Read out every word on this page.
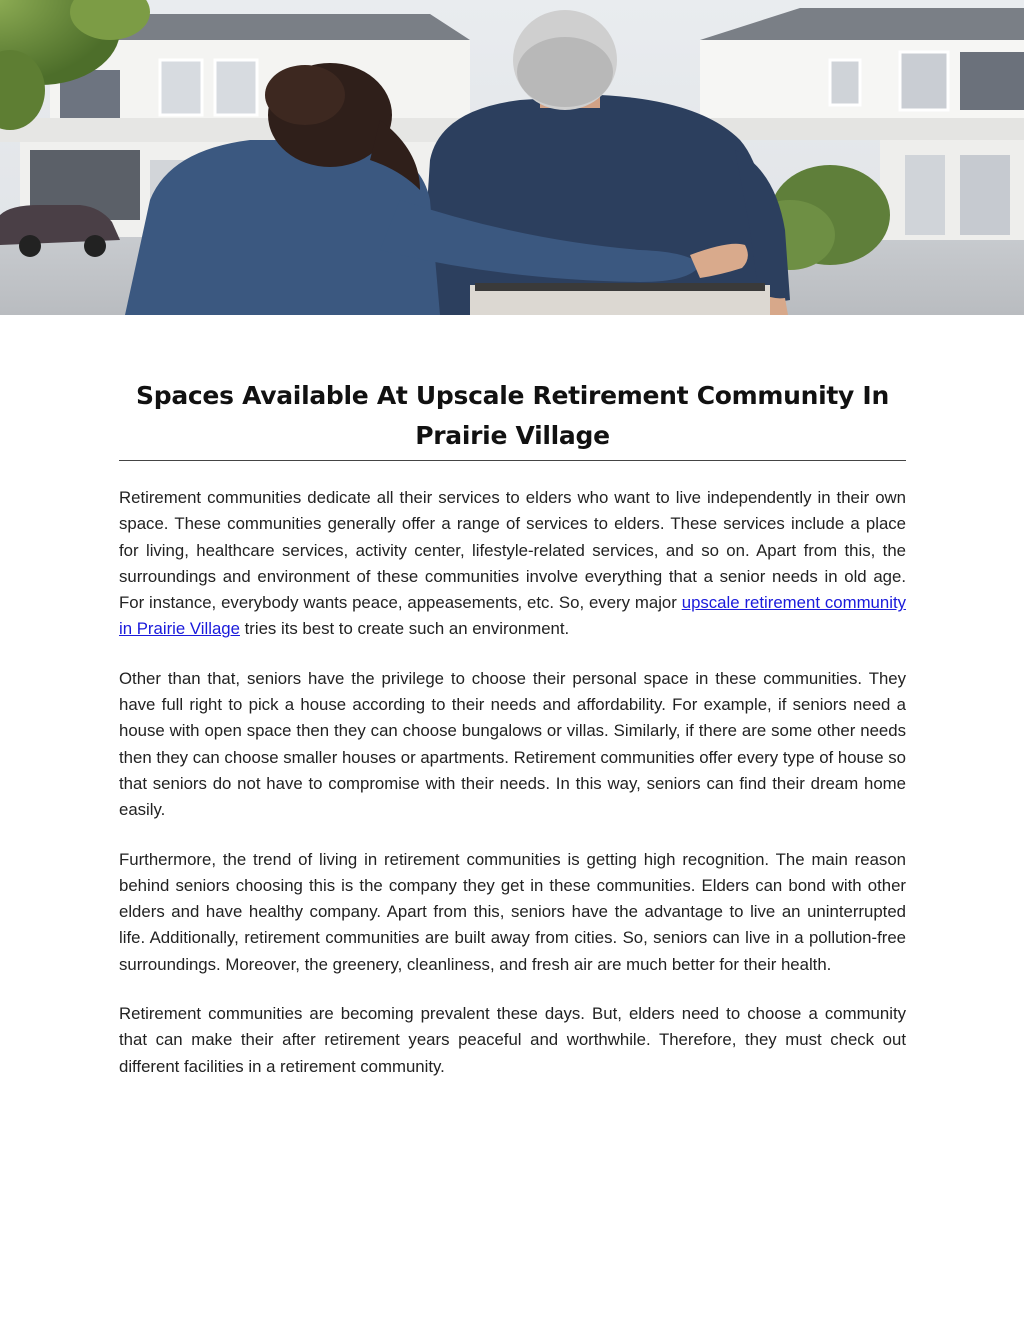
Spaces Available At Upscale Retirement Community In Prairie Village

Retirement communities dedicate all their services to elders who want to live independently in their own space. These communities generally offer a range of services to elders. These services include a place for living, healthcare services, activity center, lifestyle-related services, and so on. Apart from this, the surroundings and environment of these communities involve everything that a senior needs in old age. For instance, everybody wants peace, appeasements, etc. So, every major upscale retirement community in Prairie Village tries its best to create such an environment.

Other than that, seniors have the privilege to choose their personal space in these communities. They have full right to pick a house according to their needs and affordability. For example, if seniors need a house with open space then they can choose bungalows or villas. Similarly, if there are some other needs then they can choose smaller houses or apartments. Retirement communities offer every type of house so that seniors do not have to compromise with their needs. In this way, seniors can find their dream home easily.

Furthermore, the trend of living in retirement communities is getting high recognition. The main reason behind seniors choosing this is the company they get in these communities. Elders can bond with other elders and have healthy company. Apart from this, seniors have the advantage to live an uninterrupted life. Additionally, retirement communities are built away from cities. So, seniors can live in a pollution-free surroundings. Moreover, the greenery, cleanliness, and fresh air are much better for their health.

Retirement communities are becoming prevalent these days. But, elders need to choose a community that can make their after retirement years peaceful and worthwhile. Therefore, they must check out different facilities in a retirement community.
